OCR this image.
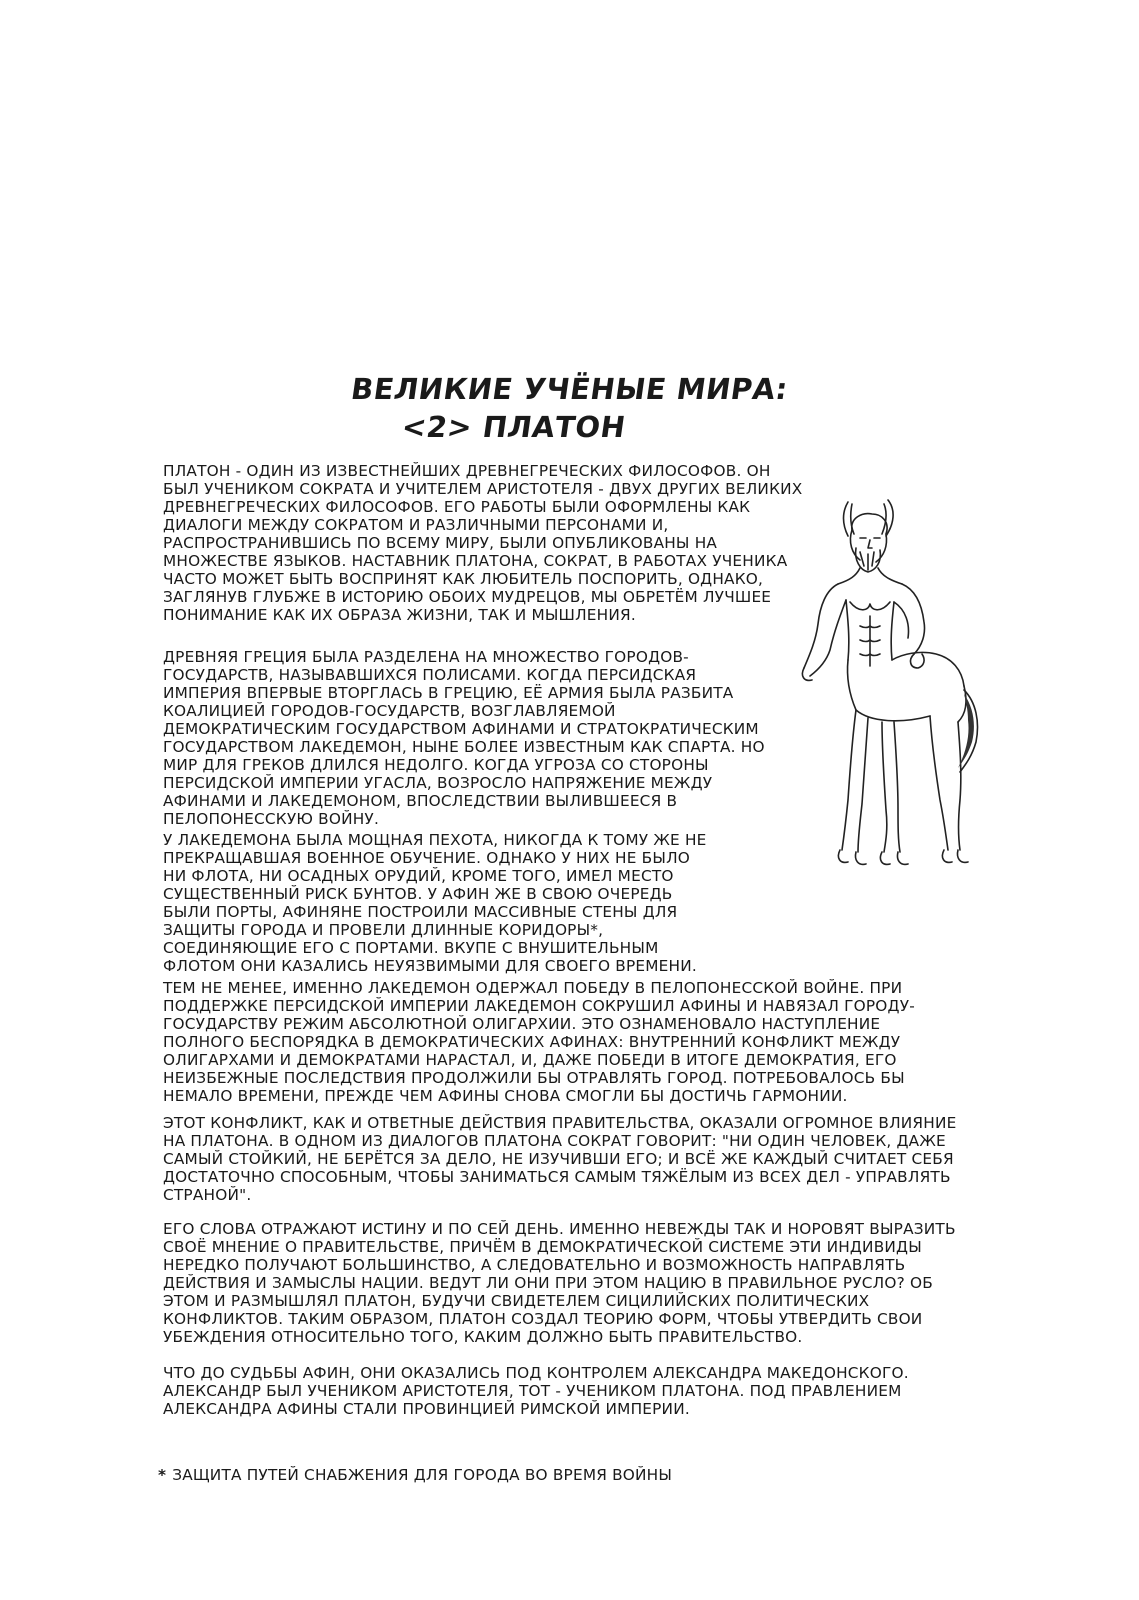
ВЕЛИКИЕ УЧЁНЫЕ МИРА:
<2> ПЛАТОН

ПЛАТОН - ОДИН ИЗ ИЗВЕСТНЕЙШИХ ДРЕВНЕГРЕЧЕСКИХ ФИЛОСОФОВ. ОН БЫЛ УЧЕНИКОМ СОКРАТА И УЧИТЕЛЕМ АРИСТОТЕЛЯ - ДВУХ ДРУГИХ ВЕЛИКИХ ДРЕВНЕГРЕЧЕСКИХ ФИЛОСОФОВ. ЕГО РАБОТЫ БЫЛИ ОФОРМЛЕНЫ КАК ДИАЛОГИ МЕЖДУ СОКРАТОМ И РАЗЛИЧНЫМИ ПЕРСОНАМИ И, РАСПРОСТРАНИВШИСЬ ПО ВСЕМУ МИРУ, БЫЛИ ОПУБЛИКОВАНЫ НА МНОЖЕСТВЕ ЯЗЫКОВ. НАСТАВНИК ПЛАТОНА, СОКРАТ, В РАБОТАХ УЧЕНИКА ЧАСТО МОЖЕТ БЫТЬ ВОСПРИНЯТ КАК ЛЮБИТЕЛЬ ПОСПОРИТЬ, ОДНАКО, ЗАГЛЯНУВ ГЛУБЖЕ В ИСТОРИЮ ОБОИХ МУДРЕЦОВ, МЫ ОБРЕТЁМ ЛУЧШЕЕ ПОНИМАНИЕ КАК ИХ ОБРАЗА ЖИЗНИ, ТАК И МЫШЛЕНИЯ.

ДРЕВНЯЯ ГРЕЦИЯ БЫЛА РАЗДЕЛЕНА НА МНОЖЕСТВО ГОРОДОВ-ГОСУДАРСТВ, НАЗЫВАВШИХСЯ ПОЛИСАМИ. КОГДА ПЕРСИДСКАЯ ИМПЕРИЯ ВПЕРВЫЕ ВТОРГЛАСЬ В ГРЕЦИЮ, ЕЁ АРМИЯ БЫЛА РАЗБИТА КОАЛИЦИЕЙ ГОРОДОВ-ГОСУДАРСТВ, ВОЗГЛАВЛЯЕМОЙ ДЕМОКРАТИЧЕСКИМ ГОСУДАРСТВОМ АФИНАМИ И СТРАТОКРАТИЧЕСКИМ ГОСУДАРСТВОМ ЛАКЕДЕМОН, НЫНЕ БОЛЕЕ ИЗВЕСТНЫМ КАК СПАРТА. НО МИР ДЛЯ ГРЕКОВ ДЛИЛСЯ НЕДОЛГО. КОГДА УГРОЗА СО СТОРОНЫ ПЕРСИДСКОЙ ИМПЕРИИ УГАСЛА, ВОЗРОСЛО НАПРЯЖЕНИЕ МЕЖДУ АФИНАМИ И ЛАКЕДЕМОНОМ, ВПОСЛЕДСТВИИ ВЫЛИВШЕЕСЯ В ПЕЛОПОНЕССКУЮ ВОЙНУ.

У ЛАКЕДЕМОНА БЫЛА МОЩНАЯ ПЕХОТА, НИКОГДА К ТОМУ ЖЕ НЕ ПРЕКРАЩАВШАЯ ВОЕННОЕ ОБУЧЕНИЕ. ОДНАКО У НИХ НЕ БЫЛО НИ ФЛОТА, НИ ОСАДНЫХ ОРУДИЙ, КРОМЕ ТОГО, ИМЕЛ МЕСТО СУЩЕСТВЕННЫЙ РИСК БУНТОВ. У АФИН ЖЕ В СВОЮ ОЧЕРЕДЬ БЫЛИ ПОРТЫ, АФИНЯНЕ ПОСТРОИЛИ МАССИВНЫЕ СТЕНЫ ДЛЯ ЗАЩИТЫ ГОРОДА И ПРОВЕЛИ ДЛИННЫЕ КОРИДОРЫ*, СОЕДИНЯЮЩИЕ ЕГО С ПОРТАМИ. ВКУПЕ С ВНУШИТЕЛЬНЫМ ФЛОТОМ ОНИ КАЗАЛИСЬ НЕУЯЗВИМЫМИ ДЛЯ СВОЕГО ВРЕМЕНИ.

ТЕМ НЕ МЕНЕЕ, ИМЕННО ЛАКЕДЕМОН ОДЕРЖАЛ ПОБЕДУ В ПЕЛОПОНЕССКОЙ ВОЙНЕ. ПРИ ПОДДЕРЖКЕ ПЕРСИДСКОЙ ИМПЕРИИ ЛАКЕДЕМОН СОКРУШИЛ АФИНЫ И НАВЯЗАЛ ГОРОДУ-ГОСУДАРСТВУ РЕЖИМ АБСОЛЮТНОЙ ОЛИГАРХИИ. ЭТО ОЗНАМЕНОВАЛО НАСТУПЛЕНИЕ ПОЛНОГО БЕСПОРЯДКА В ДЕМОКРАТИЧЕСКИХ АФИНАХ: ВНУТРЕННИЙ КОНФЛИКТ МЕЖДУ ОЛИГАРХАМИ И ДЕМОКРАТАМИ НАРАСТАЛ, И, ДАЖЕ ПОБЕДИ В ИТОГЕ ДЕМОКРАТИЯ, ЕГО НЕИЗБЕЖНЫЕ ПОСЛЕДСТВИЯ ПРОДОЛЖИЛИ БЫ ОТРАВЛЯТЬ ГОРОД. ПОТРЕБОВАЛОСЬ БЫ НЕМАЛО ВРЕМЕНИ, ПРЕЖДЕ ЧЕМ АФИНЫ СНОВА СМОГЛИ БЫ ДОСТИЧЬ ГАРМОНИИ.

ЭТОТ КОНФЛИКТ, КАК И ОТВЕТНЫЕ ДЕЙСТВИЯ ПРАВИТЕЛЬСТВА, ОКАЗАЛИ ОГРОМНОЕ ВЛИЯНИЕ НА ПЛАТОНА. В ОДНОМ ИЗ ДИАЛОГОВ ПЛАТОНА СОКРАТ ГОВОРИТ: "НИ ОДИН ЧЕЛОВЕК, ДАЖЕ САМЫЙ СТОЙКИЙ, НЕ БЕРЁТСЯ ЗА ДЕЛО, НЕ ИЗУЧИВШИ ЕГО; И ВСЁ ЖЕ КАЖДЫЙ СЧИТАЕТ СЕБЯ ДОСТАТОЧНО СПОСОБНЫМ, ЧТОБЫ ЗАНИМАТЬСЯ САМЫМ ТЯЖЁЛЫМ ИЗ ВСЕХ ДЕЛ - УПРАВЛЯТЬ СТРАНОЙ".

ЕГО СЛОВА ОТРАЖАЮТ ИСТИНУ И ПО СЕЙ ДЕНЬ. ИМЕННО НЕВЕЖДЫ ТАК И НОРОВЯТ ВЫРАЗИТЬ СВОЁ МНЕНИЕ О ПРАВИТЕЛЬСТВЕ, ПРИЧЁМ В ДЕМОКРАТИЧЕСКОЙ СИСТЕМЕ ЭТИ ИНДИВИДЫ НЕРЕДКО ПОЛУЧАЮТ БОЛЬШИНСТВО, А СЛЕДОВАТЕЛЬНО И ВОЗМОЖНОСТЬ НАПРАВЛЯТЬ ДЕЙСТВИЯ И ЗАМЫСЛЫ НАЦИИ. ВЕДУТ ЛИ ОНИ ПРИ ЭТОМ НАЦИЮ В ПРАВИЛЬНОЕ РУСЛО? ОБ ЭТОМ И РАЗМЫШЛЯЛ ПЛАТОН, БУДУЧИ СВИДЕТЕЛЕМ СИЦИЛИЙСКИХ ПОЛИТИЧЕСКИХ КОНФЛИКТОВ. ТАКИМ ОБРАЗОМ, ПЛАТОН СОЗДАЛ ТЕОРИЮ ФОРМ, ЧТОБЫ УТВЕРДИТЬ СВОИ УБЕЖДЕНИЯ ОТНОСИТЕЛЬНО ТОГО, КАКИМ ДОЛЖНО БЫТЬ ПРАВИТЕЛЬСТВО.

ЧТО ДО СУДЬБЫ АФИН, ОНИ ОКАЗАЛИСЬ ПОД КОНТРОЛЕМ АЛЕКСАНДРА МАКЕДОНСКОГО. АЛЕКСАНДР БЫЛ УЧЕНИКОМ АРИСТОТЕЛЯ, ТОТ - УЧЕНИКОМ ПЛАТОНА. ПОД ПРАВЛЕНИЕМ АЛЕКСАНДРА АФИНЫ СТАЛИ ПРОВИНЦИЕЙ РИМСКОЙ ИМПЕРИИ.

* ЗАЩИТА ПУТЕЙ СНАБЖЕНИЯ ДЛЯ ГОРОДА ВО ВРЕМЯ ВОЙНЫ
